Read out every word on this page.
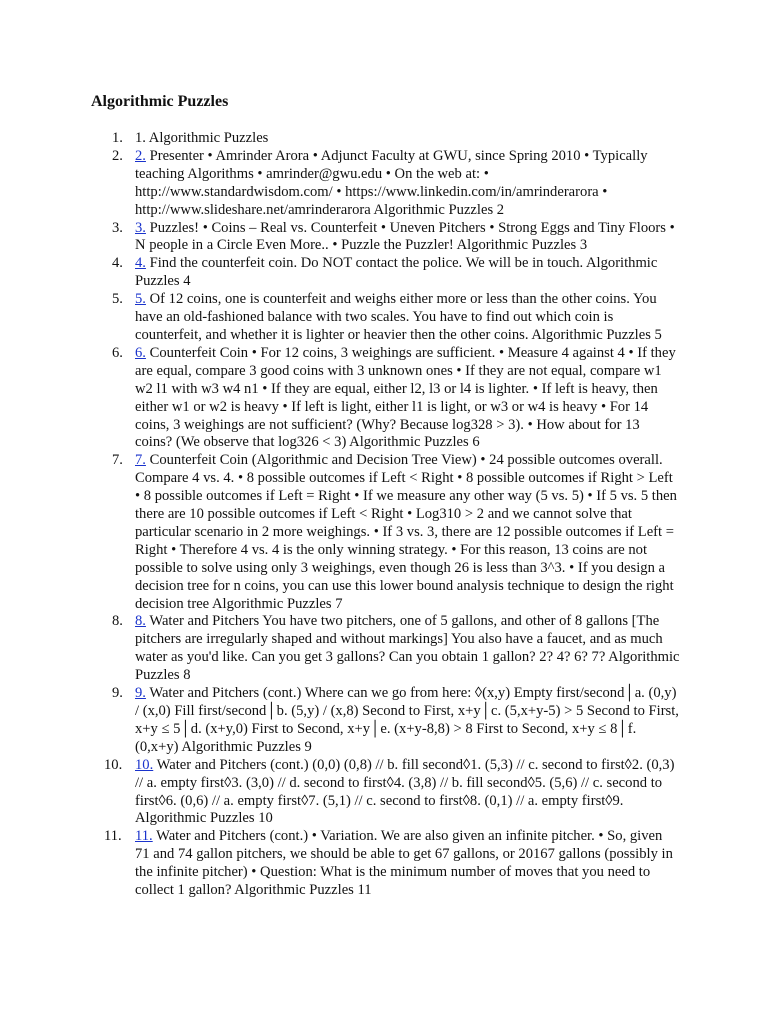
Algorithmic Puzzles
1. 1. Algorithmic Puzzles
2. 2. Presenter • Amrinder Arora • Adjunct Faculty at GWU, since Spring 2010 • Typically teaching Algorithms • amrinder@gwu.edu • On the web at: • http://www.standardwisdom.com/ • https://www.linkedin.com/in/amrinderarora • http://www.slideshare.net/amrinderarora Algorithmic Puzzles 2
3. 3. Puzzles! • Coins – Real vs. Counterfeit • Uneven Pitchers • Strong Eggs and Tiny Floors • N people in a Circle Even More.. • Puzzle the Puzzler! Algorithmic Puzzles 3
4. 4. Find the counterfeit coin. Do NOT contact the police. We will be in touch. Algorithmic Puzzles 4
5. 5. Of 12 coins, one is counterfeit and weighs either more or less than the other coins. You have an old-fashioned balance with two scales. You have to find out which coin is counterfeit, and whether it is lighter or heavier then the other coins. Algorithmic Puzzles 5
6. 6. Counterfeit Coin • For 12 coins, 3 weighings are sufficient. • Measure 4 against 4 • If they are equal, compare 3 good coins with 3 unknown ones • If they are not equal, compare w1 w2 l1 with w3 w4 n1 • If they are equal, either l2, l3 or l4 is lighter. • If left is heavy, then either w1 or w2 is heavy • If left is light, either l1 is light, or w3 or w4 is heavy • For 14 coins, 3 weighings are not sufficient? (Why? Because log328 > 3). • How about for 13 coins? (We observe that log326 < 3) Algorithmic Puzzles 6
7. 7. Counterfeit Coin (Algorithmic and Decision Tree View) • 24 possible outcomes overall. Compare 4 vs. 4. • 8 possible outcomes if Left < Right • 8 possible outcomes if Right > Left • 8 possible outcomes if Left = Right • If we measure any other way (5 vs. 5) • If 5 vs. 5 then there are 10 possible outcomes if Left < Right • Log310 > 2 and we cannot solve that particular scenario in 2 more weighings. • If 3 vs. 3, there are 12 possible outcomes if Left = Right • Therefore 4 vs. 4 is the only winning strategy. • For this reason, 13 coins are not possible to solve using only 3 weighings, even though 26 is less than 3^3. • If you design a decision tree for n coins, you can use this lower bound analysis technique to design the right decision tree Algorithmic Puzzles 7
8. 8. Water and Pitchers You have two pitchers, one of 5 gallons, and other of 8 gallons [The pitchers are irregularly shaped and without markings] You also have a faucet, and as much water as you'd like. Can you get 3 gallons? Can you obtain 1 gallon? 2? 4? 6? 7? Algorithmic Puzzles 8
9. 9. Water and Pitchers (cont.) Where can we go from here: ◊(x,y) Empty first/second│a. (0,y) / (x,0) Fill first/second│b. (5,y) / (x,8) Second to First, x+y│c. (5,x+y-5) > 5 Second to First, x+y ≤ 5│d. (x+y,0) First to Second, x+y│e. (x+y-8,8) > 8 First to Second, x+y ≤ 8│f. (0,x+y) Algorithmic Puzzles 9
10. 10. Water and Pitchers (cont.) (0,0) (0,8) // b. fill second◊1. (5,3) // c. second to first◊2. (0,3) // a. empty first◊3. (3,0) // d. second to first◊4. (3,8) // b. fill second◊5. (5,6) // c. second to first◊6. (0,6) // a. empty first◊7. (5,1) // c. second to first◊8. (0,1) // a. empty first◊9. Algorithmic Puzzles 10
11. 11. Water and Pitchers (cont.) • Variation. We are also given an infinite pitcher. • So, given 71 and 74 gallon pitchers, we should be able to get 67 gallons, or 20167 gallons (possibly in the infinite pitcher) • Question: What is the minimum number of moves that you need to collect 1 gallon? Algorithmic Puzzles 11
